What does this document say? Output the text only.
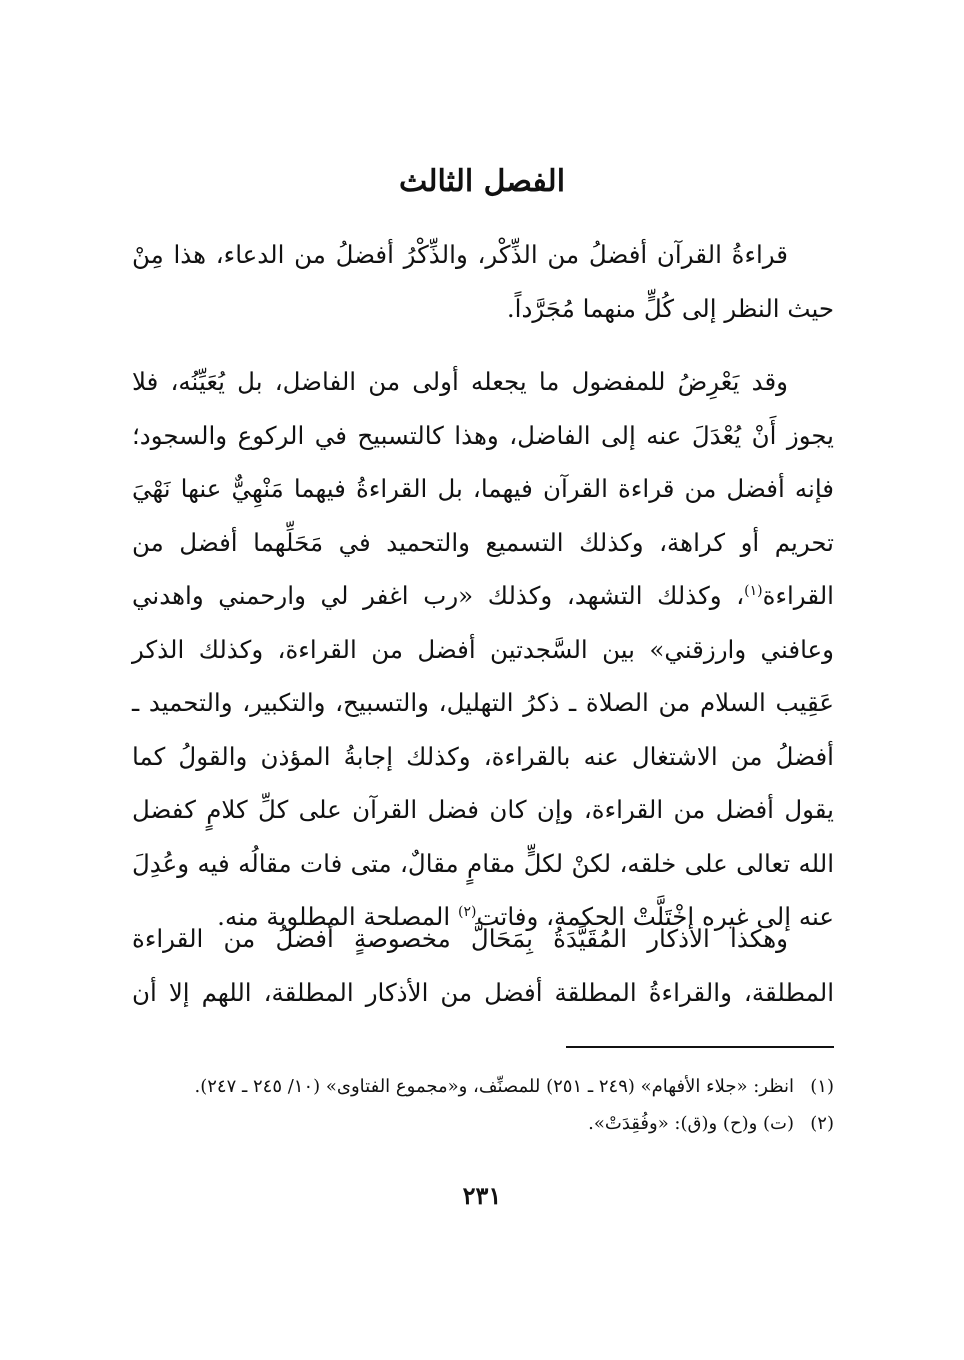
الفصل الثالث

قراءةُ القرآن أفضلُ من الذِّكْر، والذِّكْرُ أفضلُ من الدعاء، هذا مِنْ حيث النظر إلى كُلٍّ منهما مُجَرَّداً.

وقد يَعْرِضُ للمفضول ما يجعله أولى من الفاضل، بل يُعَيِّنُه، فلا يجوز أَنْ يُعْدَلَ عنه إلى الفاضل، وهذا كالتسبيح في الركوع والسجود؛ فإنه أفضل من قراءة القرآن فيهما، بل القراءةُ فيهما مَنْهِيٌّ عنها نَهْيَ تحريم أو كراهة، وكذلك التسميع والتحميد في مَحَلِّهما أفضل من القراءة$^{(١)}$، وكذلك التشهد، وكذلك «رب اغفر لي وارحمني واهدني وعافني وارزقني» بين السَّجدتين أفضل من القراءة، وكذلك الذكر عَقِيب السلام من الصلاة ـ ذكرُ التهليل، والتسبيح، والتكبير، والتحميد ـ أفضلُ من الاشتغال عنه بالقراءة، وكذلك إجابةُ المؤذن والقولُ كما يقول أفضل من القراءة، وإن كان فضل القرآن على كلِّ كلامٍ كفضل الله تعالى على خلقه، لكنْ لكلٍّ مقامٍ مقالٌ، متى فات مقالُه فيه وعُدِلَ عنه إلى غيره اخْتَلَّتْ الحكمة، وفاتت$^{(٢)}$ المصلحة المطلوبة منه.

وهكذا الأذكار المُقَيَّدَةُ بِمَحَالَّ مخصوصةٍ أفضلُ من القراءة المطلقة، والقراءةُ المطلقة أفضل من الأذكار المطلقة، اللهم إلا أن

(١)انظر: «جلاء الأفهام» (٢٤٩ ـ ٢٥١) للمصنِّف، و«مجموع الفتاوى» (١٠/ ٢٤٥ ـ ٢٤٧).
(٢)(ت) و(ح) و(ق): «وفُقِدَتْ».
٢٣١
